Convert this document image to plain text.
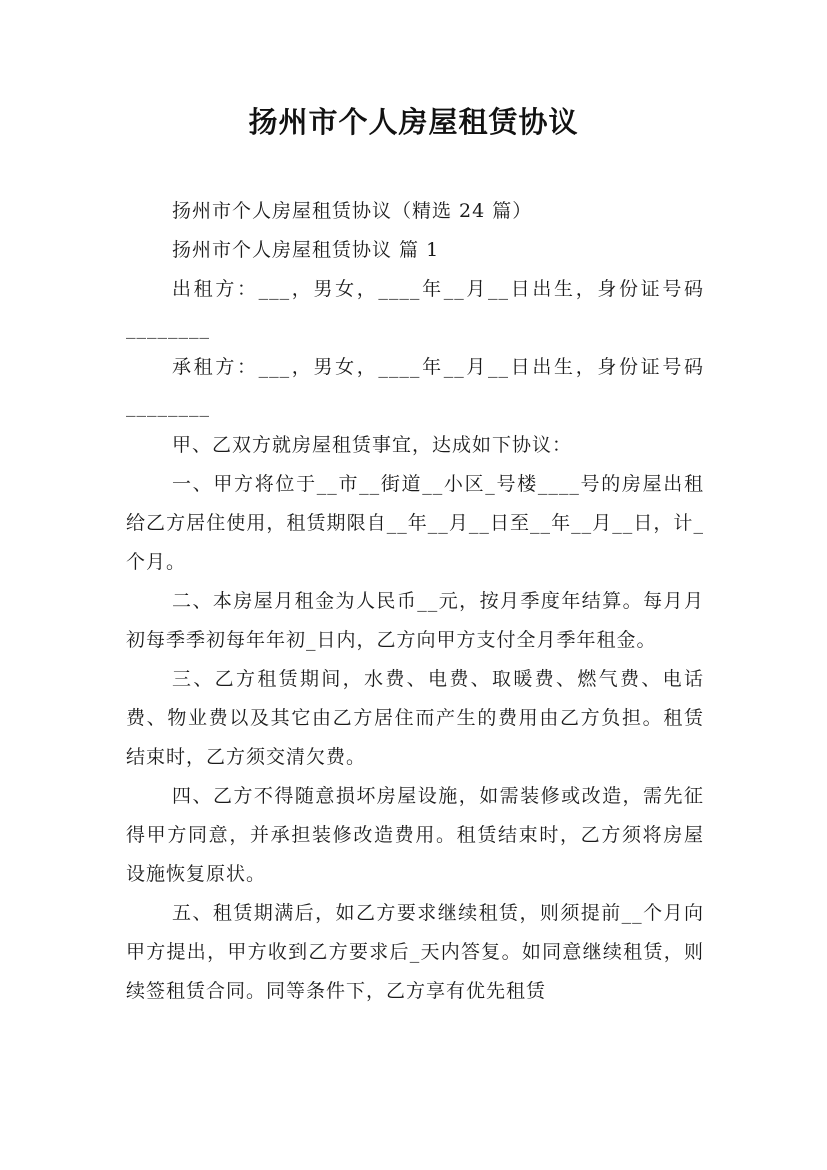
扬州市个人房屋租赁协议

扬州市个人房屋租赁协议（精选 24 篇）

扬州市个人房屋租赁协议 篇 1

出租方：___，男女，____年__月__日出生，身份证号码________

承租方：___，男女，____年__月__日出生，身份证号码________

甲、乙双方就房屋租赁事宜，达成如下协议：

一、甲方将位于__市__街道__小区_号楼____号的房屋出租给乙方居住使用，租赁期限自__年__月__日至__年__月__日，计_个月。

二、本房屋月租金为人民币__元，按月季度年结算。每月月初每季季初每年年初_日内，乙方向甲方支付全月季年租金。

三、乙方租赁期间，水费、电费、取暖费、燃气费、电话费、物业费以及其它由乙方居住而产生的费用由乙方负担。租赁结束时，乙方须交清欠费。

四、乙方不得随意损坏房屋设施，如需装修或改造，需先征得甲方同意，并承担装修改造费用。租赁结束时，乙方须将房屋设施恢复原状。

五、租赁期满后，如乙方要求继续租赁，则须提前__个月向甲方提出，甲方收到乙方要求后_天内答复。如同意继续租赁，则续签租赁合同。同等条件下，乙方享有优先租赁
